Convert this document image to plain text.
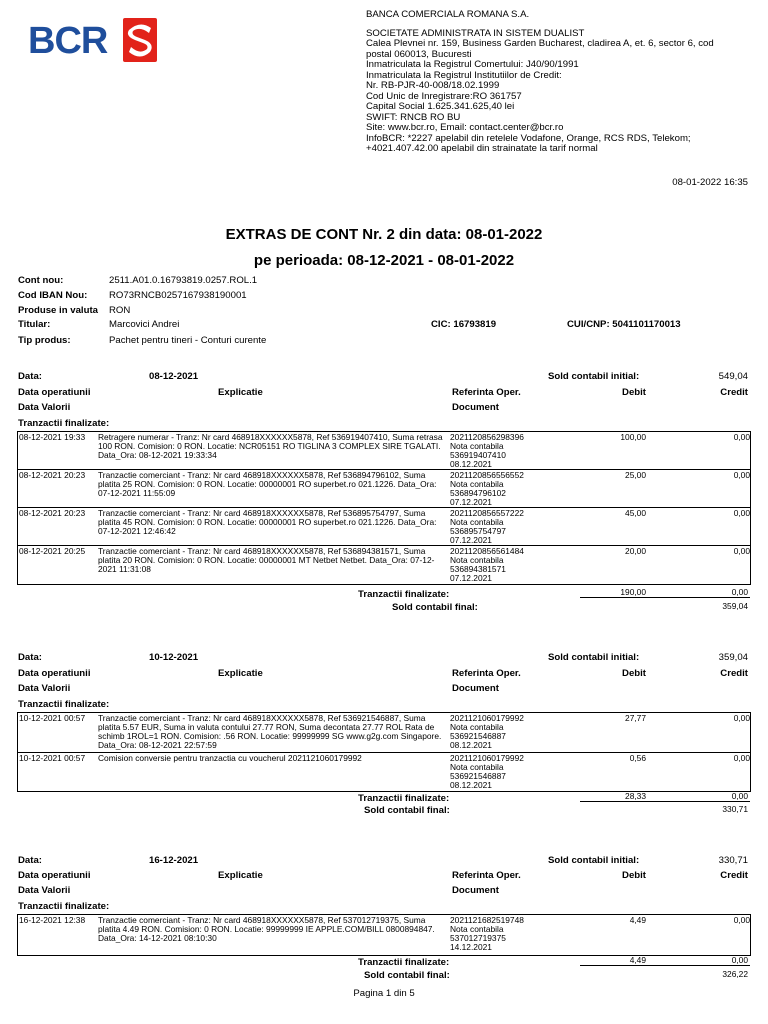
BCR
BANCA COMERCIALA ROMANA S.A.
SOCIETATE ADMINISTRATA IN SISTEM DUALIST
Calea Plevnei nr. 159, Business Garden Bucharest, cladirea A, et. 6, sector 6, cod
postal 060013, Bucuresti
Inmatriculata la Registrul Comertului: J40/90/1991
Inmatriculata la Registrul Institutiilor de Credit:
Nr. RB-PJR-40-008/18.02.1999
Cod Unic de Inregistrare:RO 361757
Capital Social 1.625.341.625,40 lei
SWIFT: RNCB RO BU
Site: www.bcr.ro, Email: contact.center@bcr.ro
InfoBCR: *2227 apelabil din retelele Vodafone, Orange, RCS RDS, Telekom;
+4021.407.42.00 apelabil din strainatate la tarif normal
08-01-2022 16:35
EXTRAS DE CONT Nr. 2 din data: 08-01-2022
pe perioada: 08-12-2021 - 08-01-2022
Cont nou:	2511.A01.0.16793819.0257.ROL.1
Cod IBAN Nou: RO73RNCB0257167938190001
Produse in valuta RON
Titular:	Marcovici Andrei	CIC: 16793819	CUI/CNP: 5041101170013
Tip produs:	Pachet pentru tineri - Conturi curente
Data:	08-12-2021	Sold contabil initial:	549,04
Data operatiunii	Explicatie	Referinta Oper.	Debit	Credit
Data Valorii	Document
Tranzactii finalizate:
08-12-2021 19:33 Retragere numerar - Tranz: Nr card 468918XXXXXX5878, Ref 536919407410, Suma retrasa 100 RON. Comision: 0 RON. Locatie: NCR05151 RO TIGLINA 3 COMPLEX SIRE TGALATI. Data_Ora: 08-12-2021 19:33:34
20211208562983​96
Nota contabila
536919407410
08.12.2021
100,00	0,00
08-12-2021 20:23 Tranzactie comerciant - Tranz: Nr card 468918XXXXXX5878, Ref 536894796102, Suma platita 25 RON. Comision: 0 RON. Locatie: 00000001 RO superbet.ro 021.1226. Data_Ora: 07-12-2021 11:55:09
2021120856556552
Nota contabila
536894796102
07.12.2021
25,00	0,00
08-12-2021 20:23 Tranzactie comerciant - Tranz: Nr card 468918XXXXXX5878, Ref 536895754797, Suma platita 45 RON. Comision: 0 RON. Locatie: 00000001 RO superbet.ro 021.1226. Data_Ora: 07-12-2021 12:46:42
2021120856557222
Nota contabila
536895754797
07.12.2021
45,00	0,00
08-12-2021 20:25 Tranzactie comerciant - Tranz: Nr card 468918XXXXXX5878, Ref 536894381571, Suma platita 20 RON. Comision: 0 RON. Locatie: 00000001 MT Netbet Netbet. Data_Ora: 07-12-2021 11:31:08
2021120856561484
Nota contabila
536894381571
07.12.2021
20,00	0,00
Tranzactii finalizate:	190,00	0,00
Sold contabil final:	359,04
Data:	10-12-2021	Sold contabil initial:	359,04
Data operatiunii	Explicatie	Referinta Oper.	Debit	Credit
Data Valorii	Document
Tranzactii finalizate:
10-12-2021 00:57 Tranzactie comerciant - Tranz: Nr card 468918XXXXXX5878, Ref 536921546887, Suma platita 5.57 EUR, Suma in valuta contului 27.77 RON, Suma decontata 27.77 ROL Rata de schimb 1ROL=1 RON. Comision: .56 RON. Locatie: 99999999 SG www.g2g.com Singapore. Data_Ora: 08-12-2021 22:57:59
2021121060179992
Nota contabila
536921546887
08.12.2021
27,77	0,00
10-12-2021 00:57 Comision conversie pentru tranzactia cu voucherul 2021121060179992	2021121060179992
Nota contabila
536921546887
08.12.2021
0,56	0,00
Tranzactii finalizate:	28,33	0,00
Sold contabil final:	330,71
Data:	16-12-2021	Sold contabil initial:	330,71
Data operatiunii	Explicatie	Referinta Oper.	Debit	Credit
Data Valorii	Document
Tranzactii finalizate:
16-12-2021 12:38 Tranzactie comerciant - Tranz: Nr card 468918XXXXXX5878, Ref 537012719375, Suma platita 4.49 RON. Comision: 0 RON. Locatie: 99999999 IE APPLE.COM/BILL 0800894847. Data_Ora: 14-12-2021 08:10:30
2021121682519748
Nota contabila
537012719375
14.12.2021
4,49	0,00
Tranzactii finalizate:	4,49	0,00
Sold contabil final:	326,22
Pagina 1 din 5
